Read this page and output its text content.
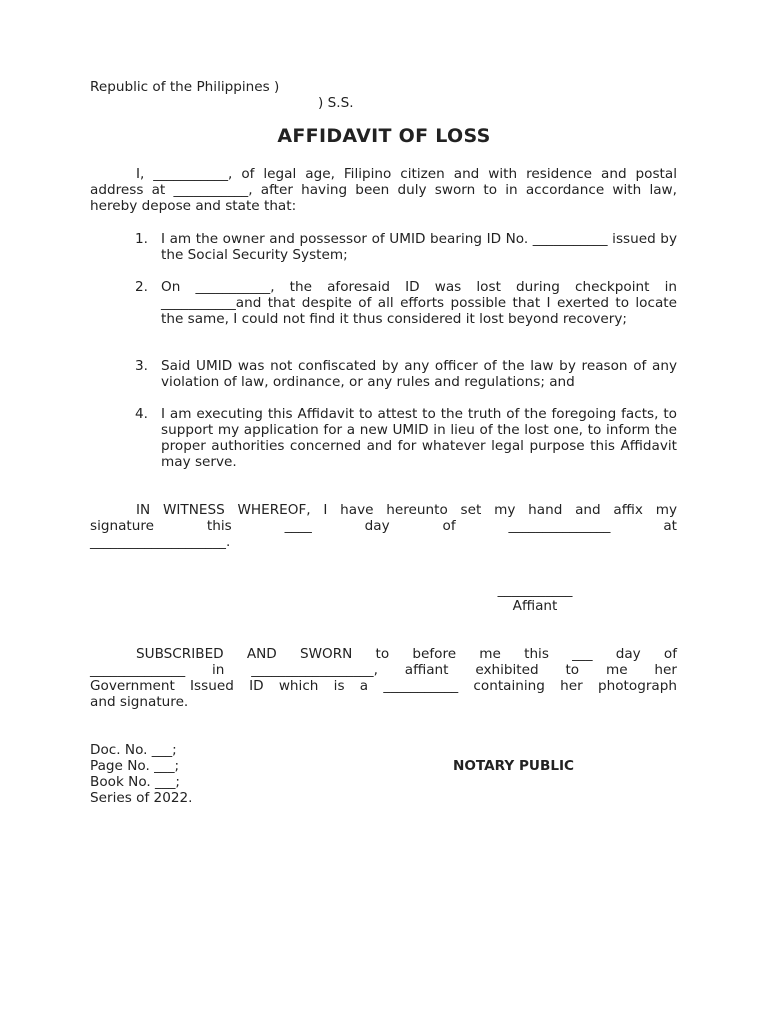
Republic of the Philippines )
) S.S.
AFFIDAVIT OF LOSS
I, ___________, of legal age, Filipino citizen and with residence and postal address at ___________, after having been duly sworn to in accordance with law, hereby depose and state that:
1. I am the owner and possessor of UMID bearing ID No. ___________ issued by the Social Security System;
2. On ___________, the aforesaid ID was lost during checkpoint in ___________and that despite of all efforts possible that I exerted to locate the same, I could not find it thus considered it lost beyond recovery;
3. Said UMID was not confiscated by any officer of the law by reason of any violation of law, ordinance, or any rules and regulations; and
4. I am executing this Affidavit to attest to the truth of the foregoing facts, to support my application for a new UMID in lieu of the lost one, to inform the proper authorities concerned and for whatever legal purpose this Affidavit may serve.
IN WITNESS WHEREOF, I have hereunto set my hand and affix my
signature this ____ day of _______________ at
____________________.
___________
Affiant
SUBSCRIBED AND SWORN to before me this ___ day of
______________ in __________________, affiant exhibited to me her
Government Issued ID which is a ___________ containing her photograph
and signature.
Doc. No. ___;
Page No. ___;
Book No. ___;
Series of 2022.
NOTARY PUBLIC
